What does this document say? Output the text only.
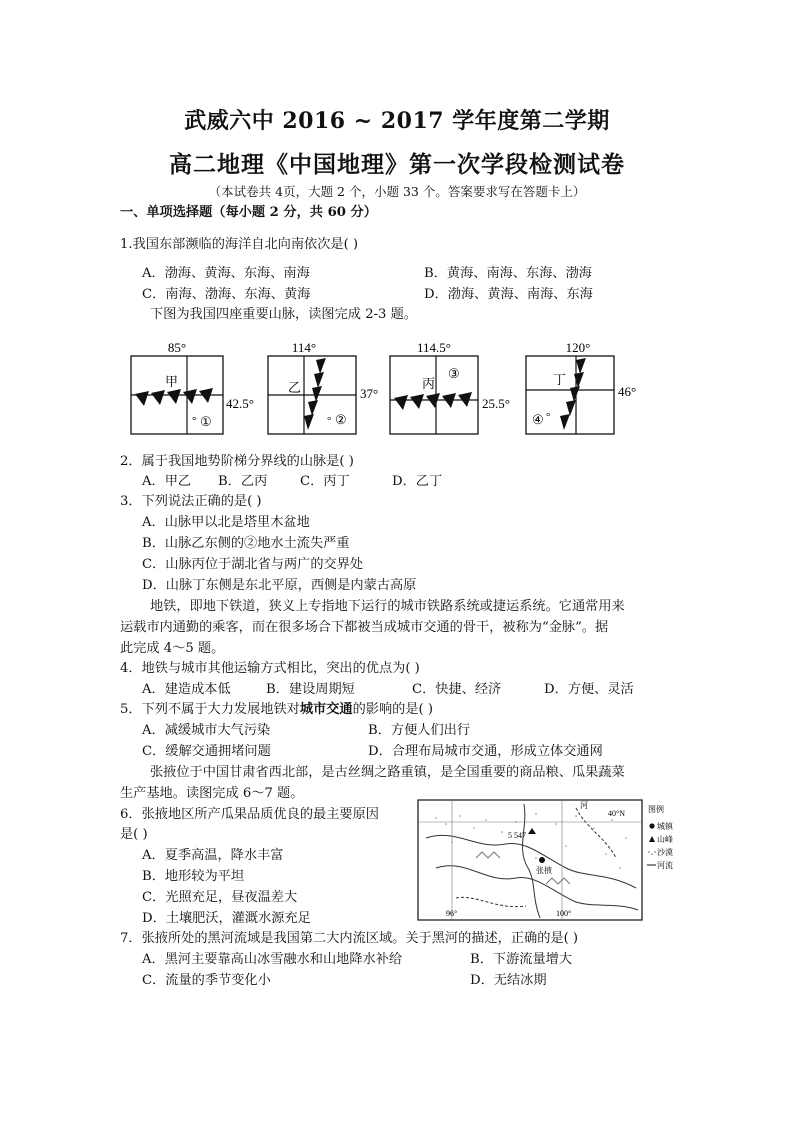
武威六中 2016 ~ 2017 学年度第二学期
高二地理《中国地理》第一次学段检测试卷
（本试卷共 4页，大题 2 个，小题 33 个。答案要求写在答题卡上）
一、单项选择题（每小题 2 分，共 60 分）
1.我国东部濒临的海洋自北向南依次是( )
A．渤海、黄海、东海、南海	B．黄海、南海、东海、渤海
C．南海、渤海、东海、黄海	D．渤海、黄海、南海、东海
下图为我国四座重要山脉，读图完成 2-3 题。
85°
甲
42.5°
° ①
114°
乙	37°
° ②
114.5°
丙
25.5°
③
120°
丁
46°
④ °
2．属于我国地势阶梯分界线的山脉是( )
A．甲乙 B．乙丙 C．丙丁	D．乙丁
3．下列说法正确的是( )
A．山脉甲以北是塔里木盆地
B．山脉乙东侧的②地水土流失严重
C．山脉丙位于湖北省与两广的交界处
D．山脉丁东侧是东北平原，西侧是内蒙古高原
地铁，即地下铁道，狭义上专指地下运行的城市铁路系统或捷运系统。它通常用来
运载市内通勤的乘客，而在很多场合下都被当成城市交通的骨干，被称为“金脉”。据
此完成 4～5 题。
4．地铁与城市其他运输方式相比，突出的优点为( )
A．建造成本低	B．建设周期短	C．快捷、经济	D．方便、灵活
5．下列不属于大力发展地铁对城市交通的影响的是( )
A．减缓城市大气污染	B．方便人们出行
C．缓解交通拥堵问题	D．合理布局城市交通，形成立体交通网
张掖位于中国甘肃省西北部，是古丝绸之路重镇，是全国重要的商品粮、瓜果蔬菜
生产基地。读图完成 6～7 题。
6．张掖地区所产瓜果品质优良的最主要原因
是( )
A．夏季高温，降水丰富
B．地形较为平坦
C．光照充足，昼夜温差大
D．土壤肥沃，灌溉水源充足
5 547
张掖
河
40°N
96°	100°
图例
城镇
山峰
沙漠
河流
7．张掖所处的黑河流域是我国第二大内流区域。关于黑河的描述，正确的是( )
A．黑河主要靠高山冰雪融水和山地降水补给	B．下游流量增大
C．流量的季节变化小	D．无结冰期
